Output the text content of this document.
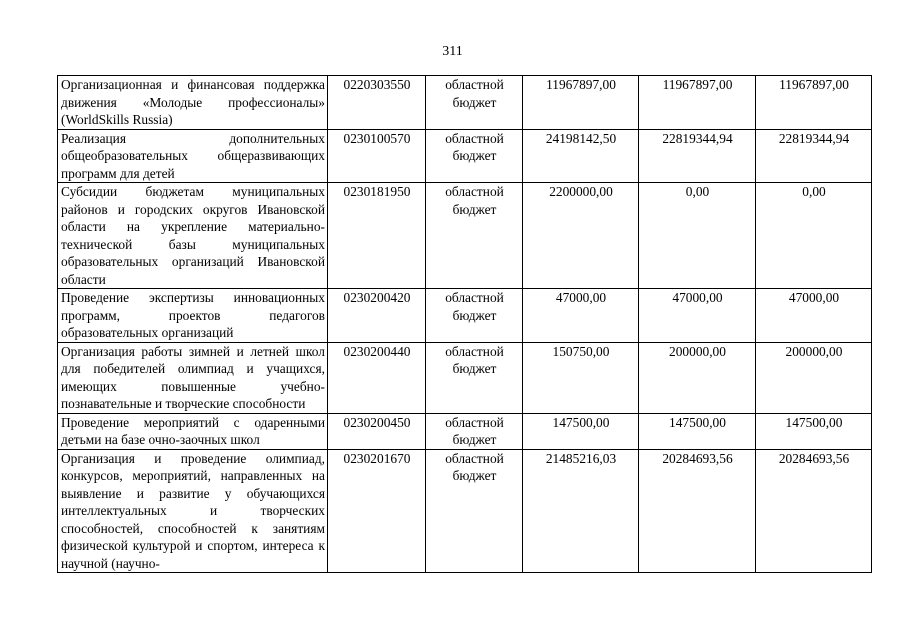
311
Организационная и финансовая поддержка движения «Молодые профессионалы» (WorldSkills Russia)	0220303550	областной бюджет	11967897,00	11967897,00	11967897,00
Реализация дополнительных общеобразовательных общеразвивающих программ для детей	0230100570	областной бюджет	24198142,50	22819344,94	22819344,94
Субсидии бюджетам муниципальных районов и городских округов Ивановской области на укрепление материально-технической базы муниципальных образовательных организаций Ивановской области	0230181950	областной бюджет	2200000,00	0,00	0,00
Проведение экспертизы инновационных программ, проектов педагогов образовательных организаций	0230200420	областной бюджет	47000,00	47000,00	47000,00
Организация работы зимней и летней школ для победителей олимпиад и учащихся, имеющих повышенные учебно-познавательные и творческие способности	0230200440	областной бюджет	150750,00	200000,00	200000,00
Проведение мероприятий с одаренными детьми на базе очно-заочных школ	0230200450	областной бюджет	147500,00	147500,00	147500,00
Организация и проведение олимпиад, конкурсов, мероприятий, направленных на выявление и развитие у обучающихся интеллектуальных и творческих способностей, способностей к занятиям физической культурой и спортом, интереса к научной (научно-	0230201670	областной бюджет	21485216,03	20284693,56	20284693,56
